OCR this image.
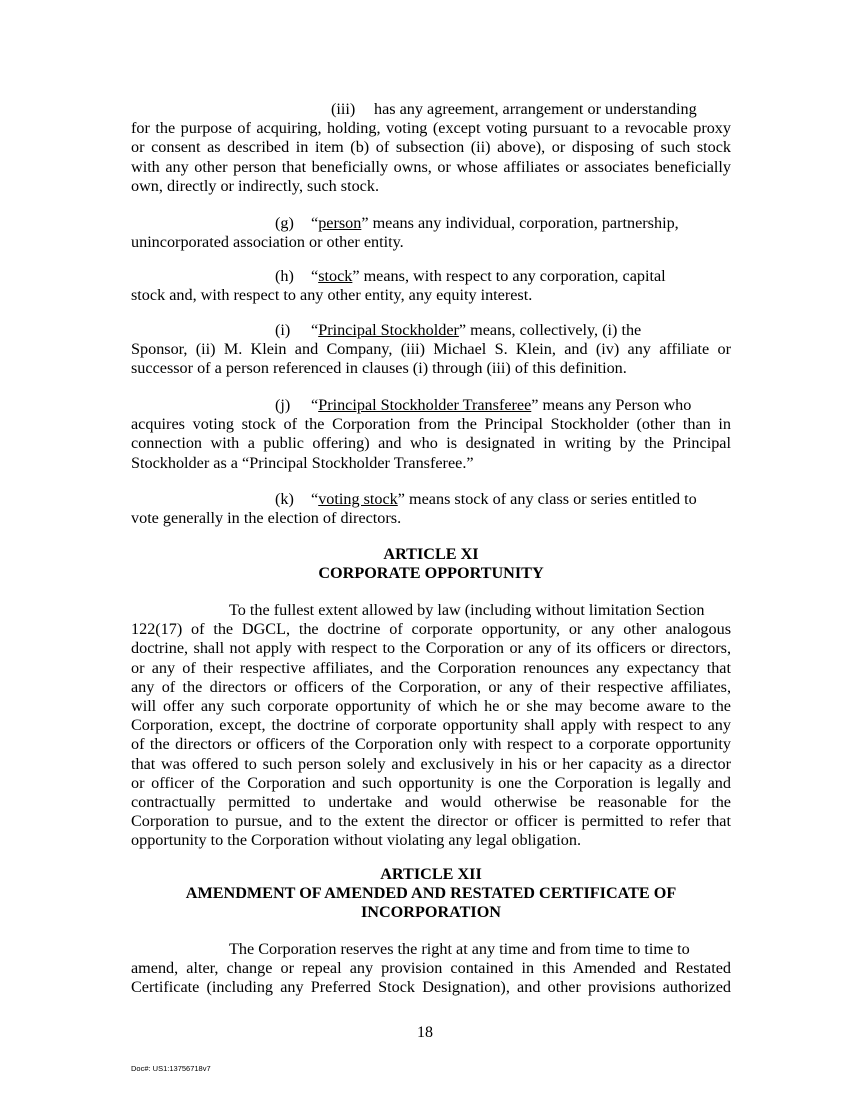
(iii) has any agreement, arrangement or understanding
for the purpose of acquiring, holding, voting (except voting pursuant to a revocable proxy
or consent as described in item (b) of subsection (ii) above), or disposing of such stock
with any other person that beneficially owns, or whose affiliates or associates beneficially
own, directly or indirectly, such stock.
(g) “person” means any individual, corporation, partnership,
unincorporated association or other entity.
(h) “stock” means, with respect to any corporation, capital
stock and, with respect to any other entity, any equity interest.
(i) “Principal Stockholder” means, collectively, (i) the
Sponsor, (ii) M. Klein and Company, (iii) Michael S. Klein, and (iv) any affiliate or
successor of a person referenced in clauses (i) through (iii) of this definition.
(j) “Principal Stockholder Transferee” means any Person who
acquires voting stock of the Corporation from the Principal Stockholder (other than in
connection with a public offering) and who is designated in writing by the Principal
Stockholder as a “Principal Stockholder Transferee.”
(k) “voting stock” means stock of any class or series entitled to
vote generally in the election of directors.
ARTICLE XI
CORPORATE OPPORTUNITY
To the fullest extent allowed by law (including without limitation Section
122(17) of the DGCL, the doctrine of corporate opportunity, or any other analogous
doctrine, shall not apply with respect to the Corporation or any of its officers or directors,
or any of their respective affiliates, and the Corporation renounces any expectancy that
any of the directors or officers of the Corporation, or any of their respective affiliates,
will offer any such corporate opportunity of which he or she may become aware to the
Corporation, except, the doctrine of corporate opportunity shall apply with respect to any
of the directors or officers of the Corporation only with respect to a corporate opportunity
that was offered to such person solely and exclusively in his or her capacity as a director
or officer of the Corporation and such opportunity is one the Corporation is legally and
contractually permitted to undertake and would otherwise be reasonable for the
Corporation to pursue, and to the extent the director or officer is permitted to refer that
opportunity to the Corporation without violating any legal obligation.
ARTICLE XII
AMENDMENT OF AMENDED AND RESTATED CERTIFICATE OF
INCORPORATION
The Corporation reserves the right at any time and from time to time to
amend, alter, change or repeal any provision contained in this Amended and Restated
Certificate (including any Preferred Stock Designation), and other provisions authorized
18
Doc#: US1:13756718v7
